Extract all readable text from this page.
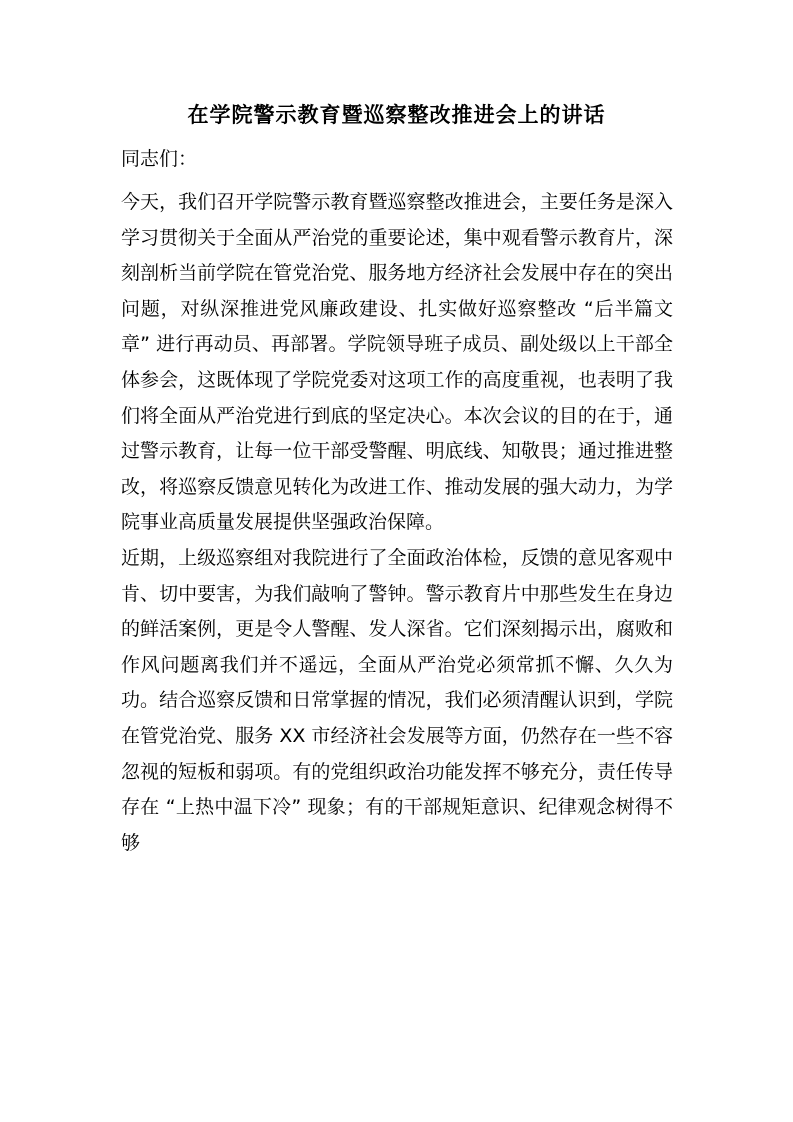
在学院警示教育暨巡察整改推进会上的讲话

同志们：

今天，我们召开学院警示教育暨巡察整改推进会，主要任务是深入学习贯彻关于全面从严治党的重要论述，集中观看警示教育片，深刻剖析当前学院在管党治党、服务地方经济社会发展中存在的突出问题，对纵深推进党风廉政建设、扎实做好巡察整改 “后半篇文章” 进行再动员、再部署。学院领导班子成员、副处级以上干部全体参会，这既体现了学院党委对这项工作的高度重视，也表明了我们将全面从严治党进行到底的坚定决心。本次会议的目的在于，通过警示教育，让每一位干部受警醒、明底线、知敬畏；通过推进整改，将巡察反馈意见转化为改进工作、推动发展的强大动力，为学院事业高质量发展提供坚强政治保障。

近期，上级巡察组对我院进行了全面政治体检，反馈的意见客观中肯、切中要害，为我们敲响了警钟。警示教育片中那些发生在身边的鲜活案例，更是令人警醒、发人深省。它们深刻揭示出，腐败和作风问题离我们并不遥远，全面从严治党必须常抓不懈、久久为功。结合巡察反馈和日常掌握的情况，我们必须清醒认识到，学院在管党治党、服务 XX 市经济社会发展等方面，仍然存在一些不容忽视的短板和弱项。有的党组织政治功能发挥不够充分，责任传导存在 “上热中温下冷” 现象；有的干部规矩意识、纪律观念树得不够
